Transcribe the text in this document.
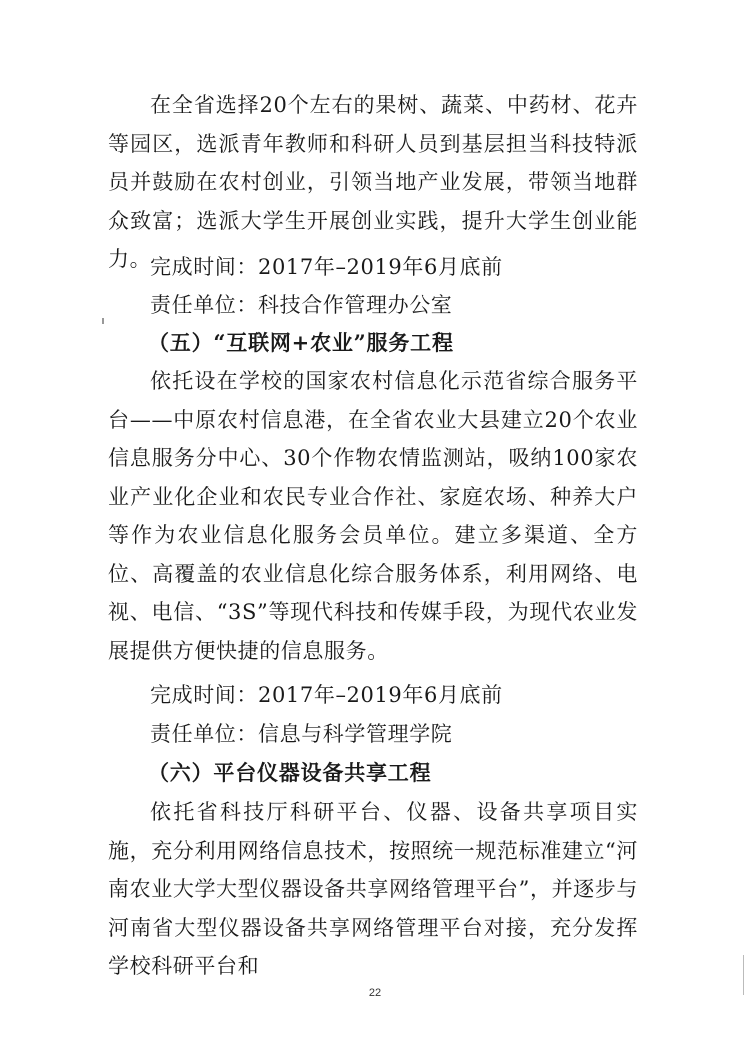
在全省选择20个左右的果树、蔬菜、中药材、花卉等园区，选派青年教师和科研人员到基层担当科技特派员并鼓励在农村创业，引领当地产业发展，带领当地群众致富；选派大学生开展创业实践，提升大学生创业能力。

完成时间：2017年–2019年6月底前

责任单位：科技合作管理办公室

（五）“互联网+农业”服务工程

依托设在学校的国家农村信息化示范省综合服务平台——中原农村信息港，在全省农业大县建立20个农业信息服务分中心、30个作物农情监测站，吸纳100家农业产业化企业和农民专业合作社、家庭农场、种养大户等作为农业信息化服务会员单位。建立多渠道、全方位、高覆盖的农业信息化综合服务体系，利用网络、电视、电信、“3S”等现代科技和传媒手段，为现代农业发展提供方便快捷的信息服务。

完成时间：2017年–2019年6月底前

责任单位：信息与科学管理学院

（六）平台仪器设备共享工程

依托省科技厅科研平台、仪器、设备共享项目实施，充分利用网络信息技术，按照统一规范标准建立“河南农业大学大型仪器设备共享网络管理平台”，并逐步与河南省大型仪器设备共享网络管理平台对接，充分发挥学校科研平台和

22
